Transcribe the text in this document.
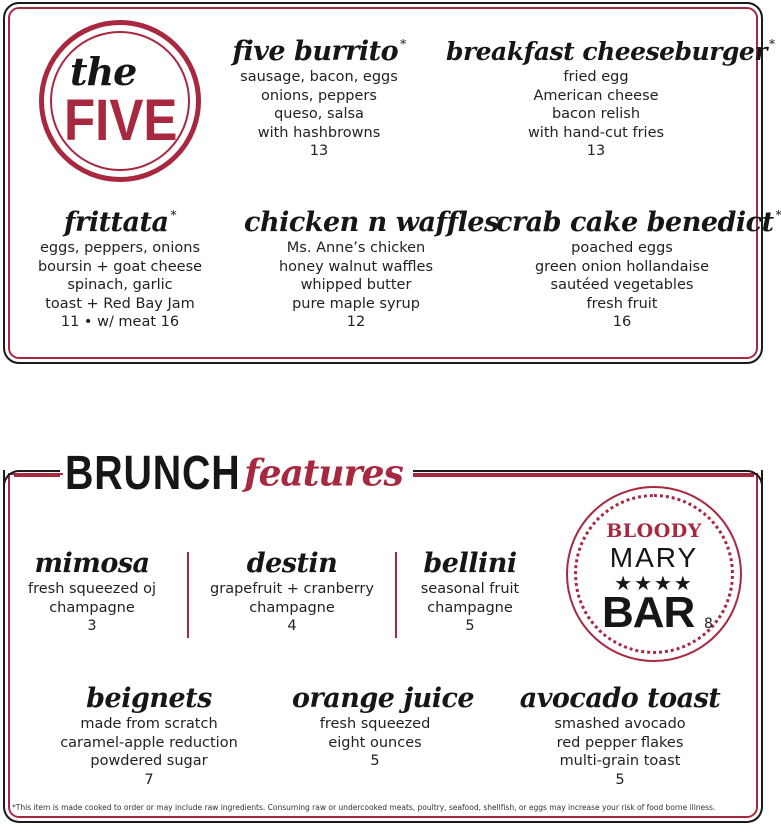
the
FIVE
five burrito *
sausage, bacon, eggs
onions, peppers
queso, salsa
with hashbrowns
13
breakfast cheeseburger *
fried egg
American cheese
bacon relish
with hand-cut fries
13
frittata *
eggs, peppers, onions
boursin + goat cheese
spinach, garlic
toast + Red Bay Jam
11 • w/ meat 16
chicken n waffles
Ms. Anne’s chicken
honey walnut waffles
whipped butter
pure maple syrup
12
crab cake benedict *
poached eggs
green onion hollandaise
sautéed vegetables
fresh fruit
16
BRUNCH features
mimosa
fresh squeezed oj
champagne
3
destin
grapefruit + cranberry
champagne
4
bellini
seasonal fruit
champagne
5
BLOODY
MARY
★★★★
BAR 8
beignets
made from scratch
caramel-apple reduction
powdered sugar
7
orange juice
fresh squeezed
eight ounces
5
avocado toast
smashed avocado
red pepper flakes
multi-grain toast
5
*This item is made cooked to order or may include raw ingredients. Consuming raw or undercooked meats, poultry, seafood, shellfish, or eggs may increase your risk of food borne illness.
